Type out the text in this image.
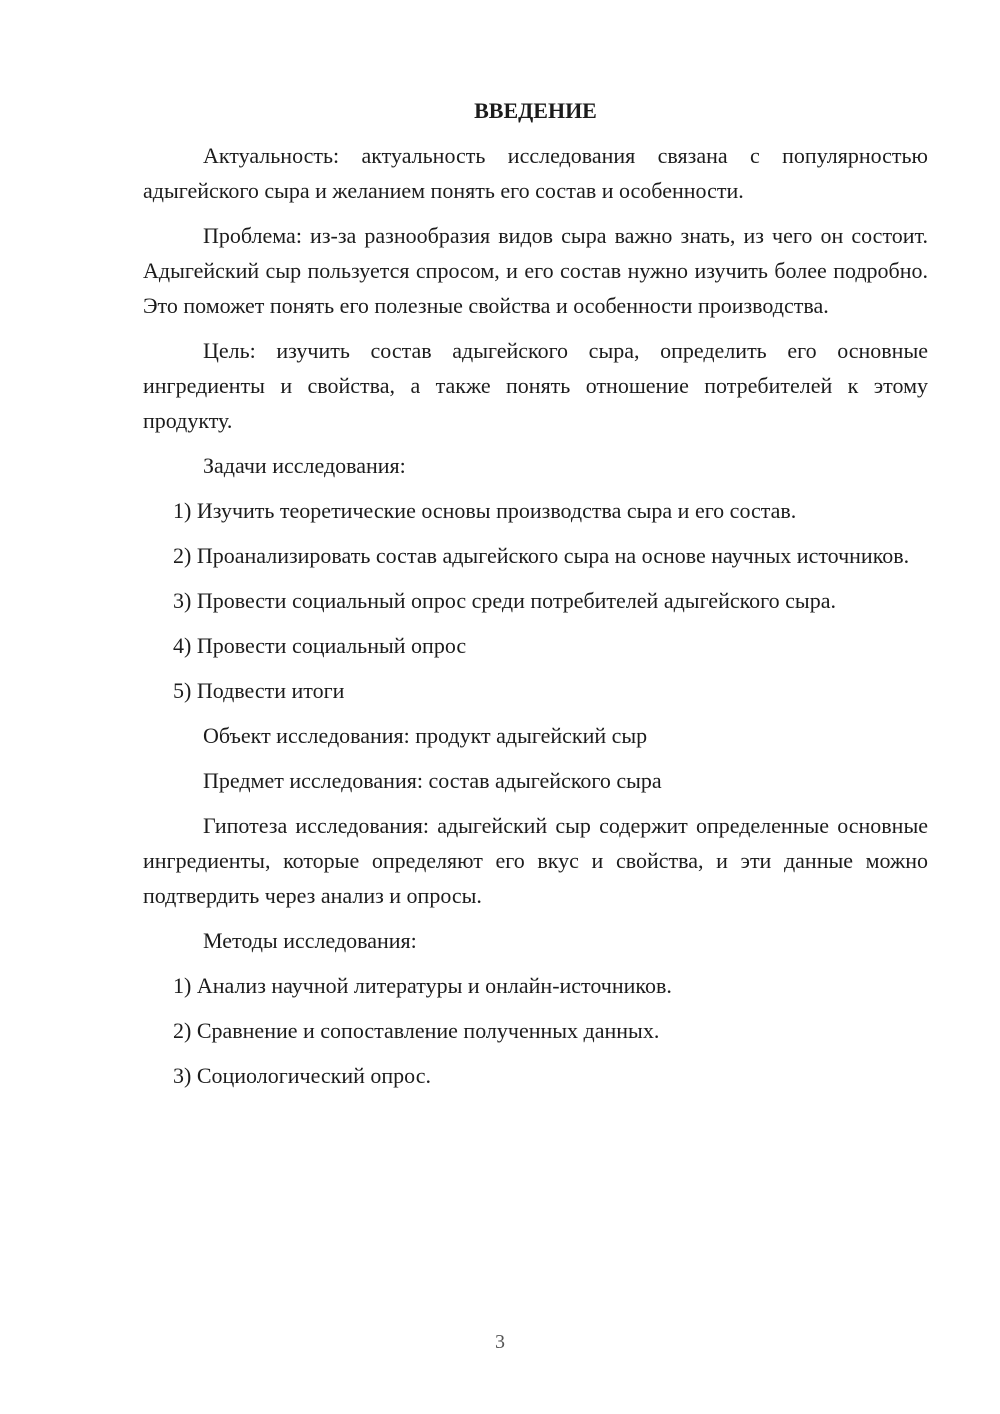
ВВЕДЕНИЕ
Актуальность: актуальность исследования связана с популярностью адыгейского сыра и желанием понять его состав и особенности.
Проблема: из-за разнообразия видов сыра важно знать, из чего он состоит. Адыгейский сыр пользуется спросом, и его состав нужно изучить более подробно. Это поможет понять его полезные свойства и особенности производства.
Цель: изучить состав адыгейского сыра, определить его основные ингредиенты и свойства, а также понять отношение потребителей к этому продукту.
Задачи исследования:
1) Изучить теоретические основы производства сыра и его состав.
2) Проанализировать состав адыгейского сыра на основе научных источников.
3) Провести социальный опрос среди потребителей адыгейского сыра.
4) Провести социальный опрос
5) Подвести итоги
Объект исследования: продукт адыгейский сыр
Предмет исследования: состав адыгейского сыра
Гипотеза исследования: адыгейский сыр содержит определенные основные ингредиенты, которые определяют его вкус и свойства, и эти данные можно подтвердить через анализ и опросы.
Методы исследования:
1) Анализ научной литературы и онлайн-источников.
2) Сравнение и сопоставление полученных данных.
3) Социологический опрос.
3
